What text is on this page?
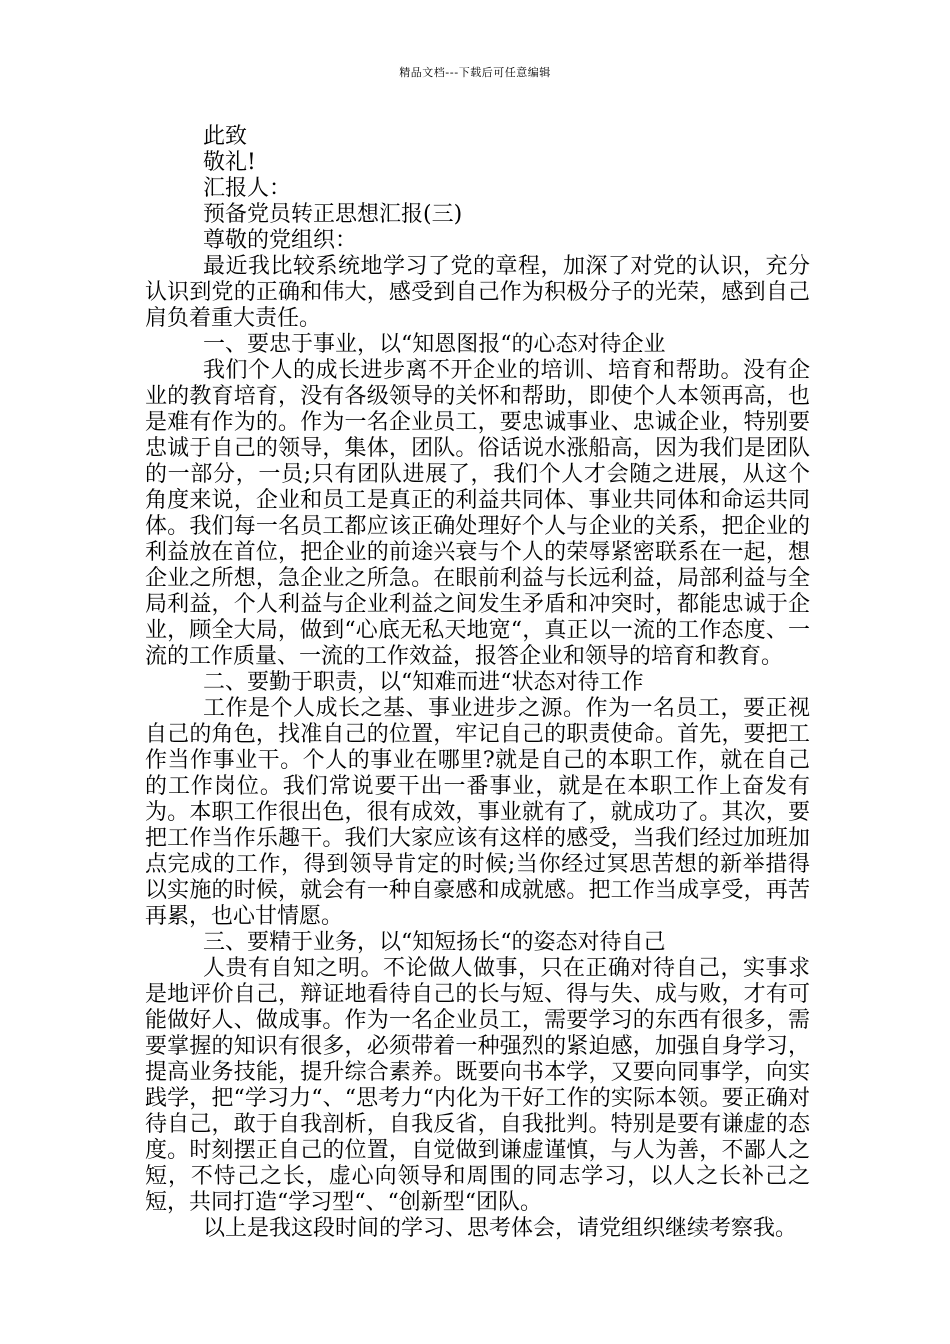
精品文档---下载后可任意编辑

此致

敬礼!

汇报人：

预备党员转正思想汇报(三)

尊敬的党组织：

最近我比较系统地学习了党的章程，加深了对党的认识，充分认识到党的正确和伟大，感受到自己作为积极分子的光荣，感到自己肩负着重大责任。

一、要忠于事业，以“知恩图报“的心态对待企业

我们个人的成长进步离不开企业的培训、培育和帮助。没有企业的教育培育，没有各级领导的关怀和帮助，即使个人本领再高，也是难有作为的。作为一名企业员工，要忠诚事业、忠诚企业，特别要忠诚于自己的领导，集体，团队。俗话说水涨船高，因为我们是团队的一部分，一员;只有团队进展了，我们个人才会随之进展，从这个角度来说，企业和员工是真正的利益共同体、事业共同体和命运共同体。我们每一名员工都应该正确处理好个人与企业的关系，把企业的利益放在首位，把企业的前途兴衰与个人的荣辱紧密联系在一起，想企业之所想，急企业之所急。在眼前利益与长远利益，局部利益与全局利益，个人利益与企业利益之间发生矛盾和冲突时，都能忠诚于企业，顾全大局，做到“心底无私天地宽“，真正以一流的工作态度、一流的工作质量、一流的工作效益，报答企业和领导的培育和教育。

二、要勤于职责，以“知难而进“状态对待工作

工作是个人成长之基、事业进步之源。作为一名员工，要正视自己的角色，找准自己的位置，牢记自己的职责使命。首先，要把工作当作事业干。个人的事业在哪里?就是自己的本职工作，就在自己的工作岗位。我们常说要干出一番事业，就是在本职工作上奋发有为。本职工作很出色，很有成效，事业就有了，就成功了。其次，要把工作当作乐趣干。我们大家应该有这样的感受，当我们经过加班加点完成的工作，得到领导肯定的时候;当你经过冥思苦想的新举措得以实施的时候，就会有一种自豪感和成就感。把工作当成享受，再苦再累，也心甘情愿。

三、要精于业务，以“知短扬长“的姿态对待自己

人贵有自知之明。不论做人做事，只在正确对待自己，实事求是地评价自己，辩证地看待自己的长与短、得与失、成与败，才有可能做好人、做成事。作为一名企业员工，需要学习的东西有很多，需要掌握的知识有很多，必须带着一种强烈的紧迫感，加强自身学习，提高业务技能，提升综合素养。既要向书本学，又要向同事学，向实践学，把“学习力“、“思考力“内化为干好工作的实际本领。要正确对待自己，敢于自我剖析，自我反省，自我批判。特别是要有谦虚的态度。时刻摆正自己的位置，自觉做到谦虚谨慎，与人为善，不鄙人之短，不恃己之长，虚心向领导和周围的同志学习，以人之长补己之短，共同打造“学习型“、“创新型“团队。

以上是我这段时间的学习、思考体会，请党组织继续考察我。
